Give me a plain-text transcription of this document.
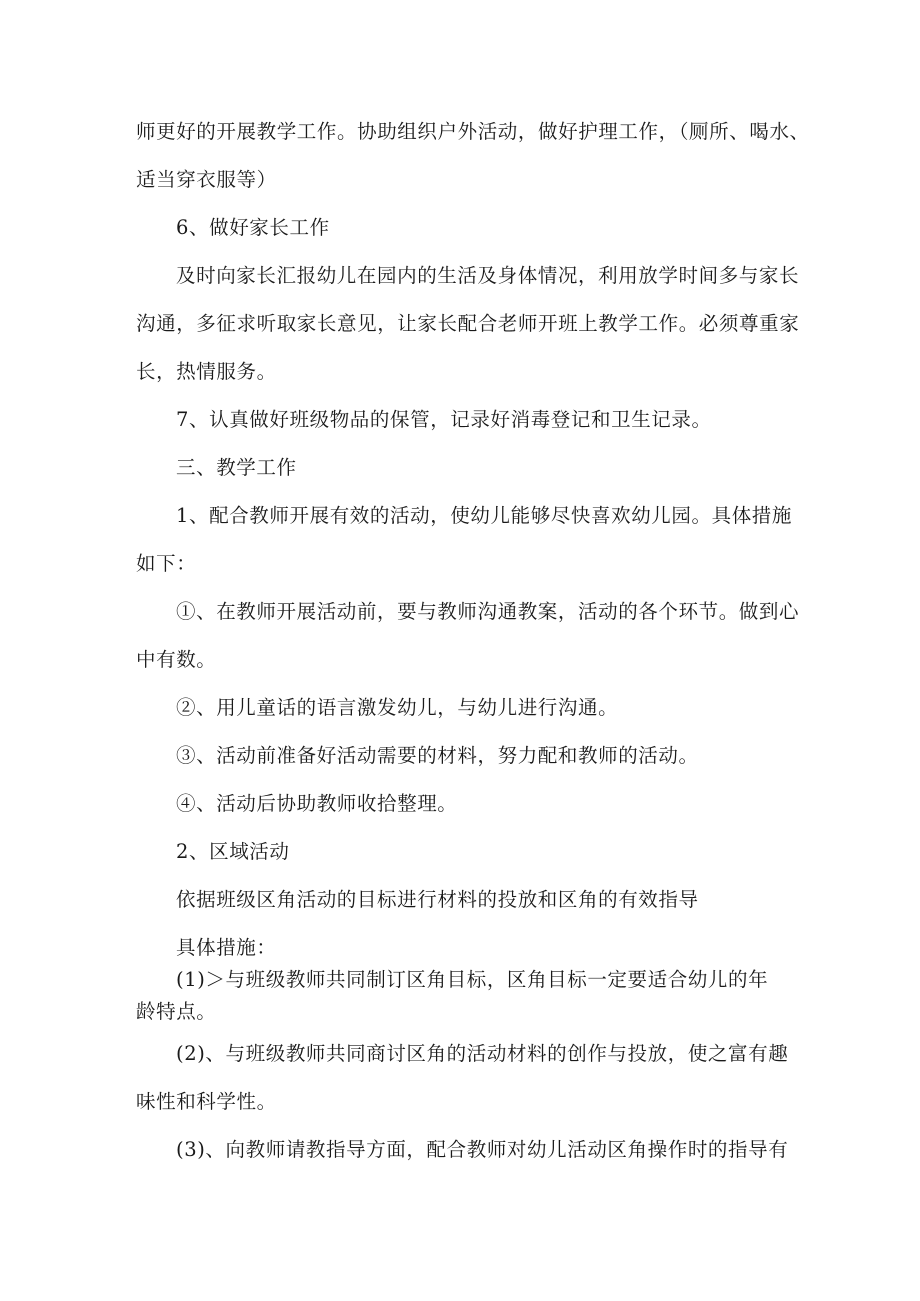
师更好的开展教学工作。协助组织户外活动，做好护理工作，（厕所、喝水、
适当穿衣服等）
6、做好家长工作
及时向家长汇报幼儿在园内的生活及身体情况，利用放学时间多与家长
沟通，多征求听取家长意见，让家长配合老师开班上教学工作。必须尊重家
长，热情服务。
7、认真做好班级物品的保管，记录好消毒登记和卫生记录。
三、教学工作
1、配合教师开展有效的活动，使幼儿能够尽快喜欢幼儿园。具体措施
如下：
①、在教师开展活动前，要与教师沟通教案，活动的各个环节。做到心
中有数。
②、用儿童话的语言激发幼儿，与幼儿进行沟通。
③、活动前准备好活动需要的材料，努力配和教师的活动。
④、活动后协助教师收拾整理。
2、区域活动
依据班级区角活动的目标进行材料的投放和区角的有效指导
具体措施：
(1)＞与班级教师共同制订区角目标，区角目标一定要适合幼儿的年
龄特点。
(2)、与班级教师共同商讨区角的活动材料的创作与投放，使之富有趣
味性和科学性。
(3)、向教师请教指导方面，配合教师对幼儿活动区角操作时的指导有
